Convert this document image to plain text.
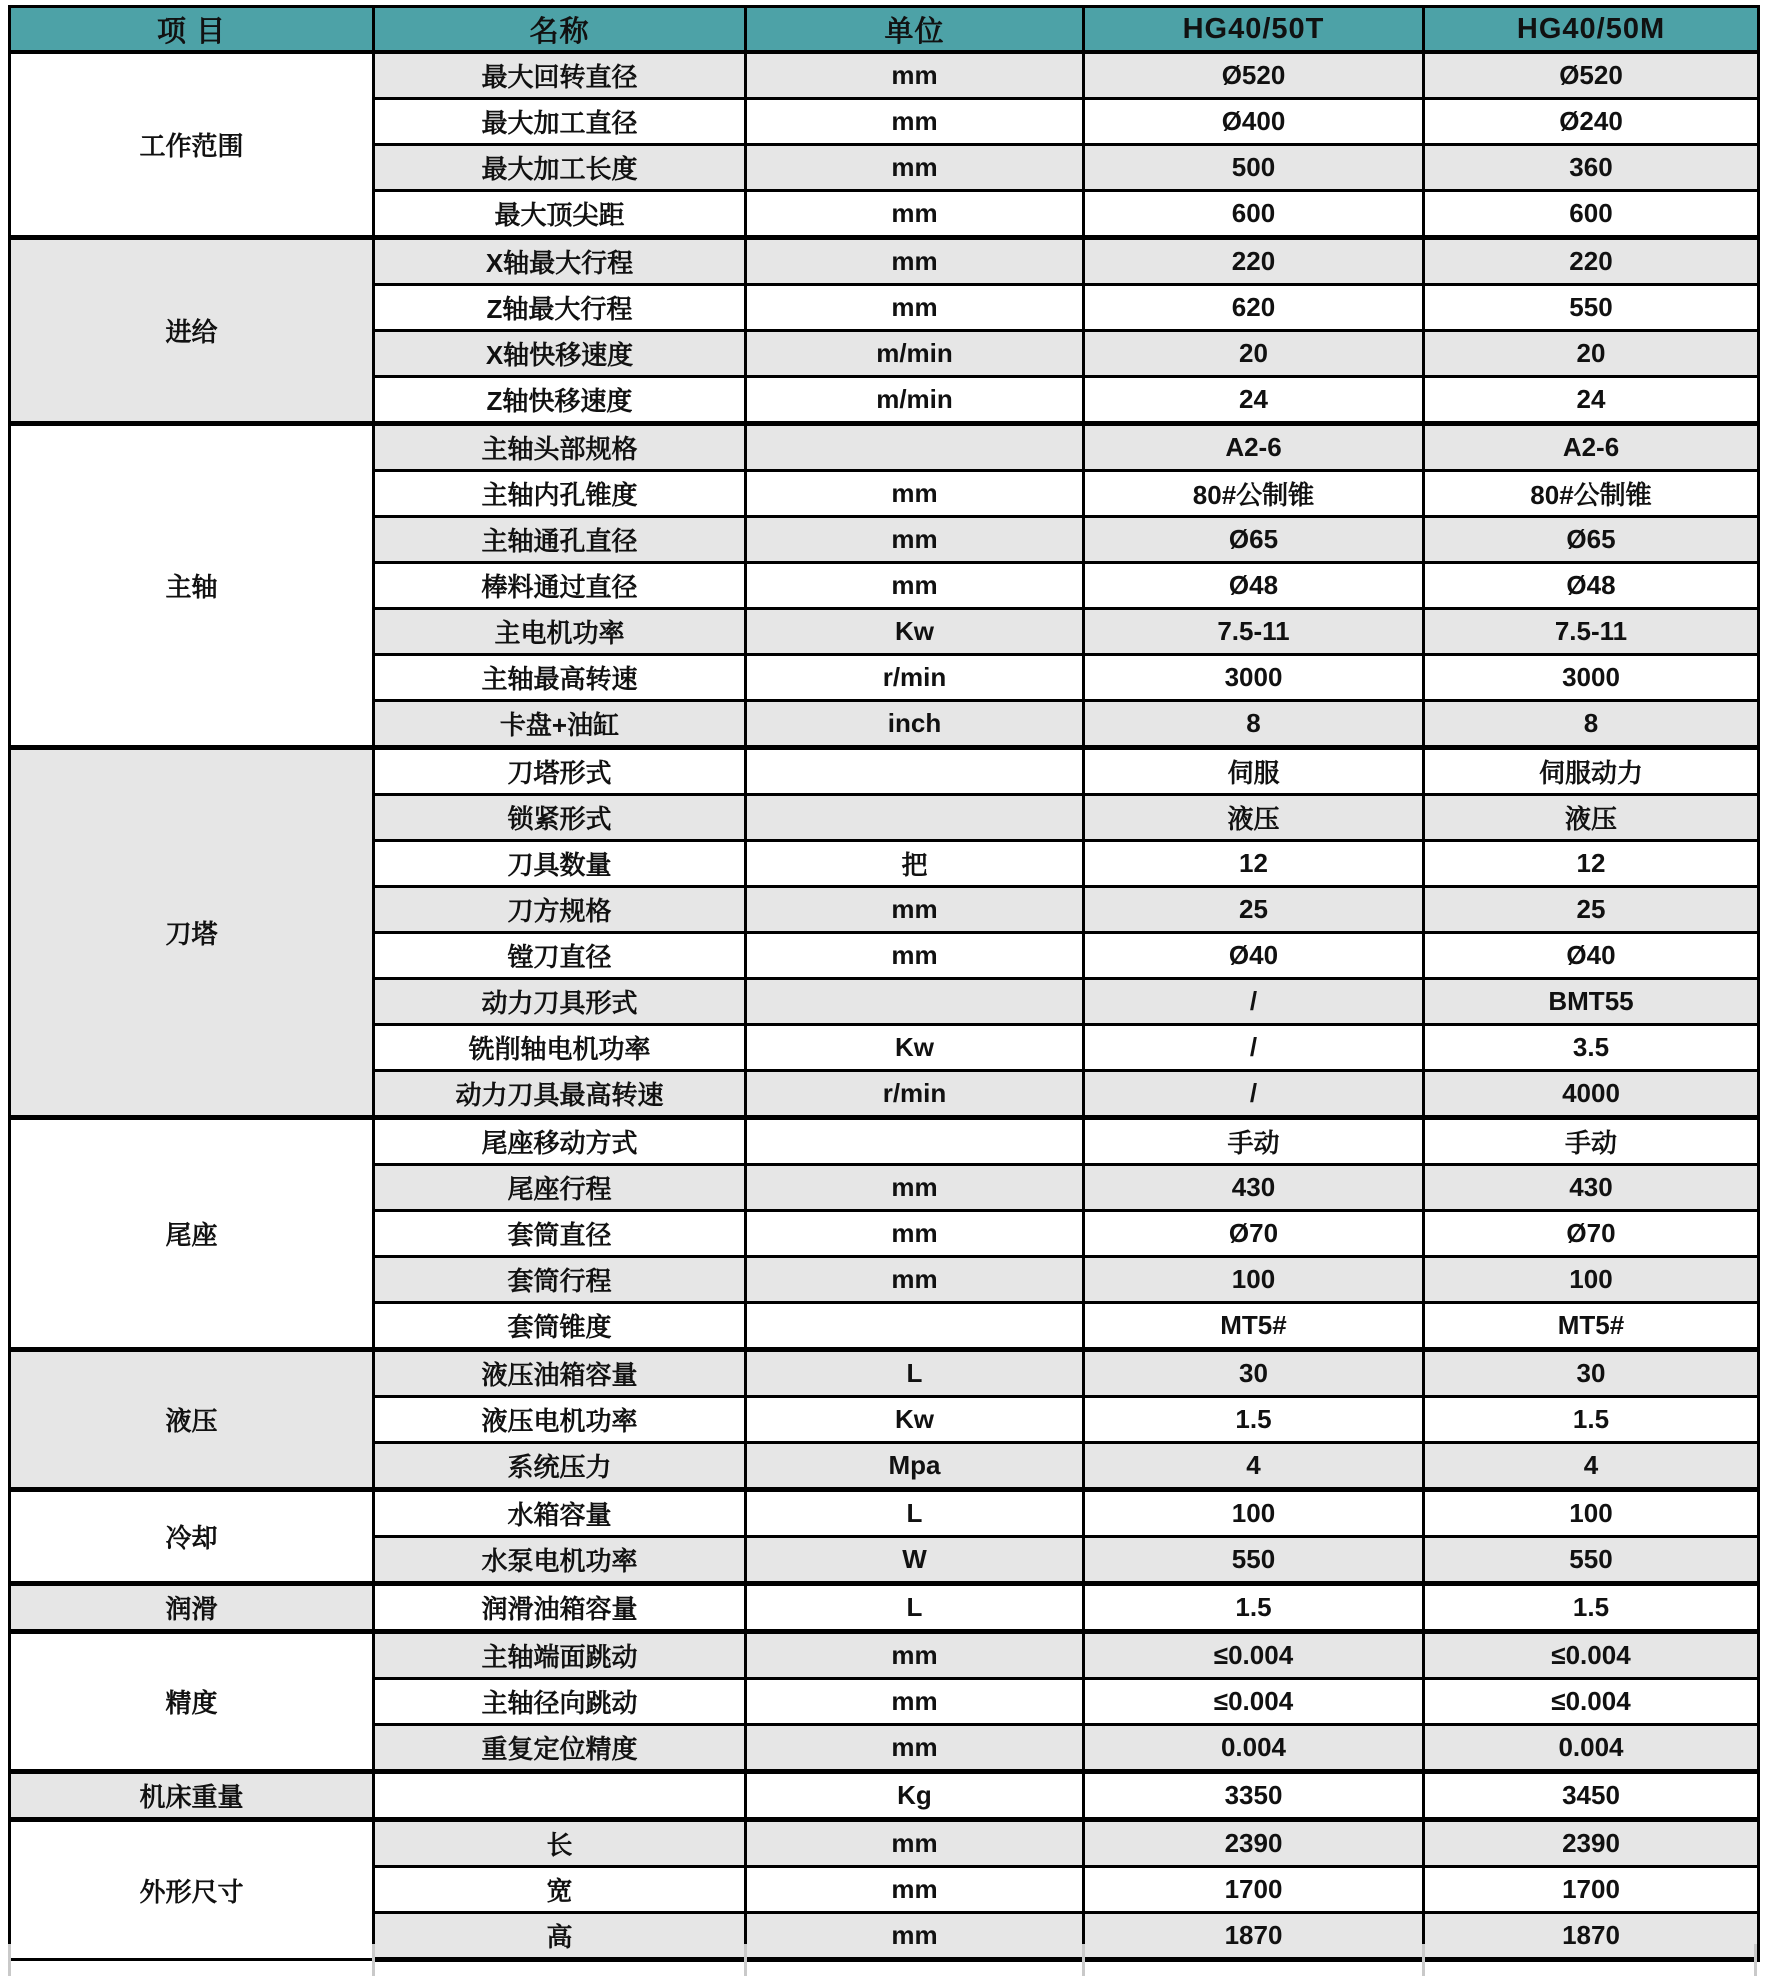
项 目	名称	单位	HG40/50T	HG40/50M
工作范围	最大回转直径	mm	Ø520	Ø520
	最大加工直径	mm	Ø400	Ø240
	最大加工长度	mm	500	360
	最大顶尖距	mm	600	600
进给	X轴最大行程	mm	220	220
	Z轴最大行程	mm	620	550
	X轴快移速度	m/min	20	20
	Z轴快移速度	m/min	24	24
主轴	主轴头部规格		A2-6	A2-6
	主轴内孔锥度	mm	80#公制锥	80#公制锥
	主轴通孔直径	mm	Ø65	Ø65
	棒料通过直径	mm	Ø48	Ø48
	主电机功率	Kw	7.5-11	7.5-11
	主轴最高转速	r/min	3000	3000
	卡盘+油缸	inch	8	8
刀塔	刀塔形式		伺服	伺服动力
	锁紧形式		液压	液压
	刀具数量	把	12	12
	刀方规格	mm	25	25
	镗刀直径	mm	Ø40	Ø40
	动力刀具形式		/	BMT55
	铣削轴电机功率	Kw	/	3.5
	动力刀具最高转速	r/min	/	4000
尾座	尾座移动方式		手动	手动
	尾座行程	mm	430	430
	套筒直径	mm	Ø70	Ø70
	套筒行程	mm	100	100
	套筒锥度		MT5#	MT5#
液压	液压油箱容量	L	30	30
	液压电机功率	Kw	1.5	1.5
	系统压力	Mpa	4	4
冷却	水箱容量	L	100	100
	水泵电机功率	W	550	550
润滑	润滑油箱容量	L	1.5	1.5
精度	主轴端面跳动	mm	≤0.004	≤0.004
	主轴径向跳动	mm	≤0.004	≤0.004
	重复定位精度	mm	0.004	0.004
机床重量		Kg	3350	3450
外形尺寸	长	mm	2390	2390
	宽	mm	1700	1700
	高	mm	1870	1870
